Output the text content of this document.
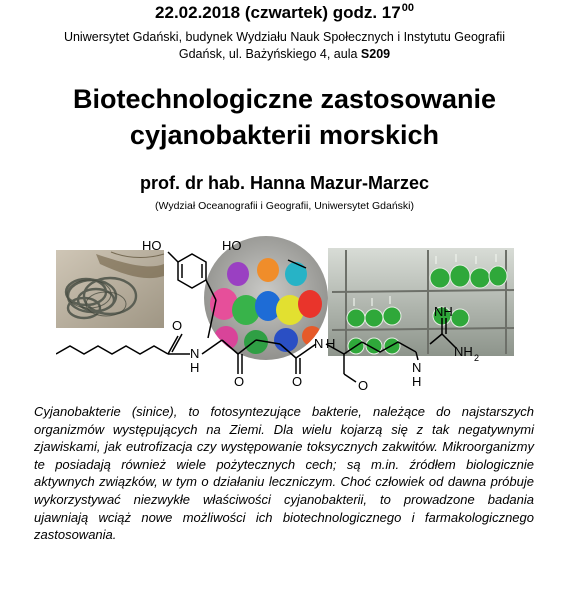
22.02.2018 (czwartek) godz. $17^{00}$
Uniwersytet Gdański, budynek Wydziału Nauk Społecznych i Instytutu Geografii
Gdańsk, ul. Bażyńskiego 4, aula S209
Biotechnologiczne zastosowanie
cyjanobakterii morskich
prof. dr hab. Hanna Mazur-Marzec
(Wydział Oceanografii i Geografii, Uniwersytet Gdański)
HO	HO
O
N
H
O	O
N H
O
N
H
NH
NH 2
Cyjanobakterie (sinice), to fotosyntezujące bakterie, należące do najstarszych organizmów występujących na Ziemi. Dla wielu kojarzą się z tak negatywnymi zjawiskami, jak eutrofizacja czy występowanie toksycznych zakwitów. Mikroorganizmy te posiadają również wiele pożytecznych cech; są m.in. źródłem biologicznie aktywnych związków, w tym o działaniu leczniczym. Choć człowiek od dawna próbuje wykorzystywać niezwykłe właściwości cyjanobakterii, to prowadzone badania ujawniają wciąż nowe możliwości ich biotechnologicznego i farmakologicznego zastosowania.
